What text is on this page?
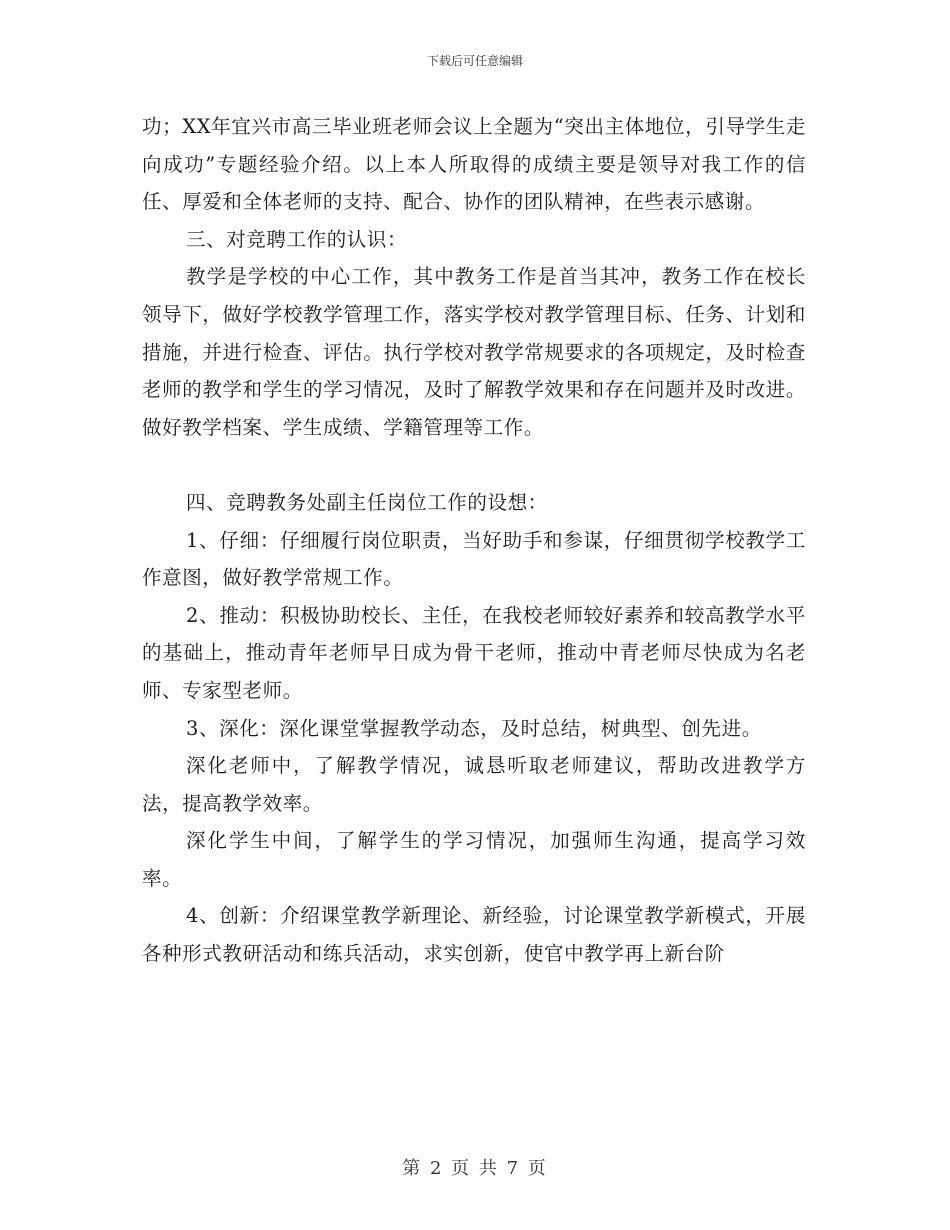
下载后可任意编辑

功；XX年宜兴市高三毕业班老师会议上全题为“突出主体地位，引导学生走向成功”专题经验介绍。以上本人所取得的成绩主要是领导对我工作的信任、厚爱和全体老师的支持、配合、协作的团队精神，在些表示感谢。

三、对竞聘工作的认识：

教学是学校的中心工作，其中教务工作是首当其冲，教务工作在校长领导下，做好学校教学管理工作，落实学校对教学管理目标、任务、计划和措施，并进行检查、评估。执行学校对教学常规要求的各项规定，及时检查老师的教学和学生的学习情况，及时了解教学效果和存在问题并及时改进。做好教学档案、学生成绩、学籍管理等工作。

四、竞聘教务处副主任岗位工作的设想：

1、仔细：仔细履行岗位职责，当好助手和参谋，仔细贯彻学校教学工作意图，做好教学常规工作。

2、推动：积极协助校长、主任，在我校老师较好素养和较高教学水平的基础上，推动青年老师早日成为骨干老师，推动中青老师尽快成为名老师、专家型老师。

3、深化：深化课堂掌握教学动态，及时总结，树典型、创先进。

深化老师中，了解教学情况，诚恳听取老师建议，帮助改进教学方法，提高教学效率。

深化学生中间，了解学生的学习情况，加强师生沟通，提高学习效率。

4、创新：介绍课堂教学新理论、新经验，讨论课堂教学新模式，开展各种形式教研活动和练兵活动，求实创新，使官中教学再上新台阶

第 2 页 共 7 页
